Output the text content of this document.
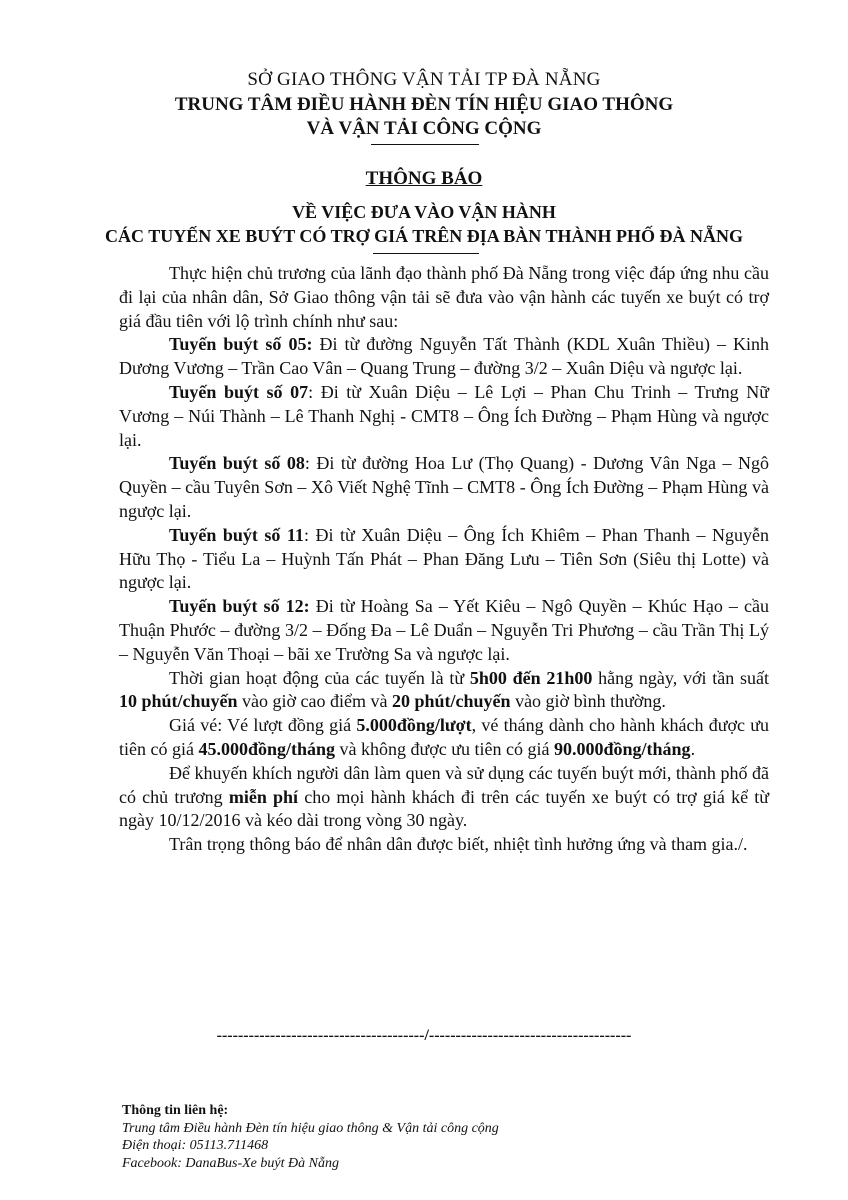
SỞ GIAO THÔNG VẬN TẢI TP ĐÀ NẴNG
TRUNG TÂM ĐIỀU HÀNH ĐÈN TÍN HIỆU GIAO THÔNG
VÀ VẬN TẢI CÔNG CỘNG
THÔNG BÁO
VỀ VIỆC ĐƯA VÀO VẬN HÀNH
CÁC TUYẾN XE BUÝT CÓ TRỢ GIÁ TRÊN ĐỊA BÀN THÀNH PHỐ ĐÀ NẴNG

Thực hiện chủ trương của lãnh đạo thành phố Đà Nẵng trong việc đáp ứng nhu cầu đi lại của nhân dân, Sở Giao thông vận tải sẽ đưa vào vận hành các tuyến xe buýt có trợ giá đầu tiên với lộ trình chính như sau:

Tuyến buýt số 05: Đi từ đường Nguyễn Tất Thành (KDL Xuân Thiều) – Kinh Dương Vương – Trần Cao Vân – Quang Trung – đường 3/2 – Xuân Diệu và ngược lại.

Tuyến buýt số 07: Đi từ Xuân Diệu – Lê Lợi – Phan Chu Trinh – Trưng Nữ Vương – Núi Thành – Lê Thanh Nghị - CMT8 – Ông Ích Đường – Phạm Hùng và ngược lại.

Tuyến buýt số 08: Đi từ đường Hoa Lư (Thọ Quang) - Dương Vân Nga – Ngô Quyền – cầu Tuyên Sơn – Xô Viết Nghệ Tĩnh – CMT8 - Ông Ích Đường – Phạm Hùng và ngược lại.

Tuyến buýt số 11: Đi từ Xuân Diệu – Ông Ích Khiêm – Phan Thanh – Nguyễn Hữu Thọ - Tiểu La – Huỳnh Tấn Phát – Phan Đăng Lưu – Tiên Sơn (Siêu thị Lotte) và ngược lại.

Tuyến buýt số 12: Đi từ Hoàng Sa – Yết Kiêu – Ngô Quyền – Khúc Hạo – cầu Thuận Phước – đường 3/2 – Đống Đa – Lê Duẩn – Nguyễn Tri Phương – cầu Trần Thị Lý – Nguyễn Văn Thoại – bãi xe Trường Sa và ngược lại.

Thời gian hoạt động của các tuyến là từ 5h00 đến 21h00 hằng ngày, với tần suất 10 phút/chuyến vào giờ cao điểm và 20 phút/chuyến vào giờ bình thường.

Giá vé: Vé lượt đồng giá 5.000đồng/lượt, vé tháng dành cho hành khách được ưu tiên có giá 45.000đồng/tháng và không được ưu tiên có giá 90.000đồng/tháng.

Để khuyến khích người dân làm quen và sử dụng các tuyến buýt mới, thành phố đã có chủ trương miễn phí cho mọi hành khách đi trên các tuyến xe buýt có trợ giá kể từ ngày 10/12/2016 và kéo dài trong vòng 30 ngày.

Trân trọng thông báo để nhân dân được biết, nhiệt tình hưởng ứng và tham gia./.

---------------------------------------/--------------------------------------
Thông tin liên hệ:
Trung tâm Điều hành Đèn tín hiệu giao thông & Vận tải công cộng
Điện thoại: 05113.711468
Facebook: DanaBus-Xe buýt Đà Nẵng
